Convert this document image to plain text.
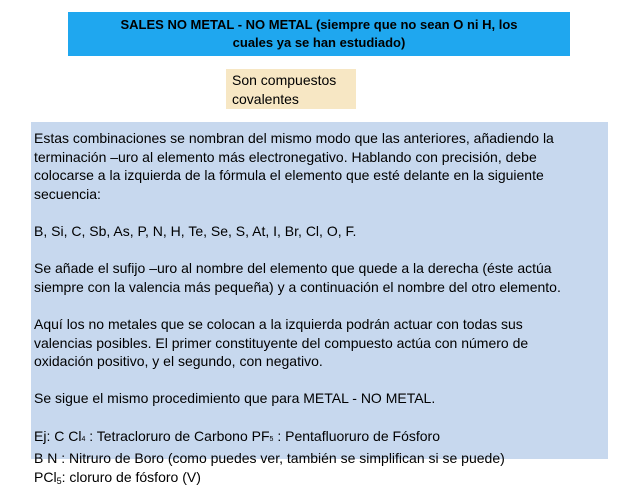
SALES NO METAL - NO METAL (siempre que no sean O ni H, los
cuales ya se han estudiado)
Son compuestos
covalentes

Estas combinaciones se nombran del mismo modo que las anteriores, añadiendo la

terminación –uro al elemento más electronegativo. Hablando con precisión, debe

colocarse a la izquierda de la fórmula el elemento que esté delante en la siguiente

secuencia:

B, Si, C, Sb, As, P, N, H, Te, Se, S, At, I, Br, Cl, O, F.

Se añade el sufijo –uro al nombre del elemento que quede a la derecha (éste actúa

siempre con la valencia más pequeña) y a continuación el nombre del otro elemento.

Aquí los no metales que se colocan a la izquierda podrán actuar con todas sus

valencias posibles. El primer constituyente del compuesto actúa con número de

oxidación positivo, y el segundo, con negativo.

Se sigue el mismo procedimiento que para METAL - NO METAL.

Ej: C Cl4 : Tetracloruro de Carbono PF5 : Pentafluoruro de Fósforo

B N : Nitruro de Boro (como puedes ver, también se simplifican si se puede)

PCl5: cloruro de fósforo (V)
